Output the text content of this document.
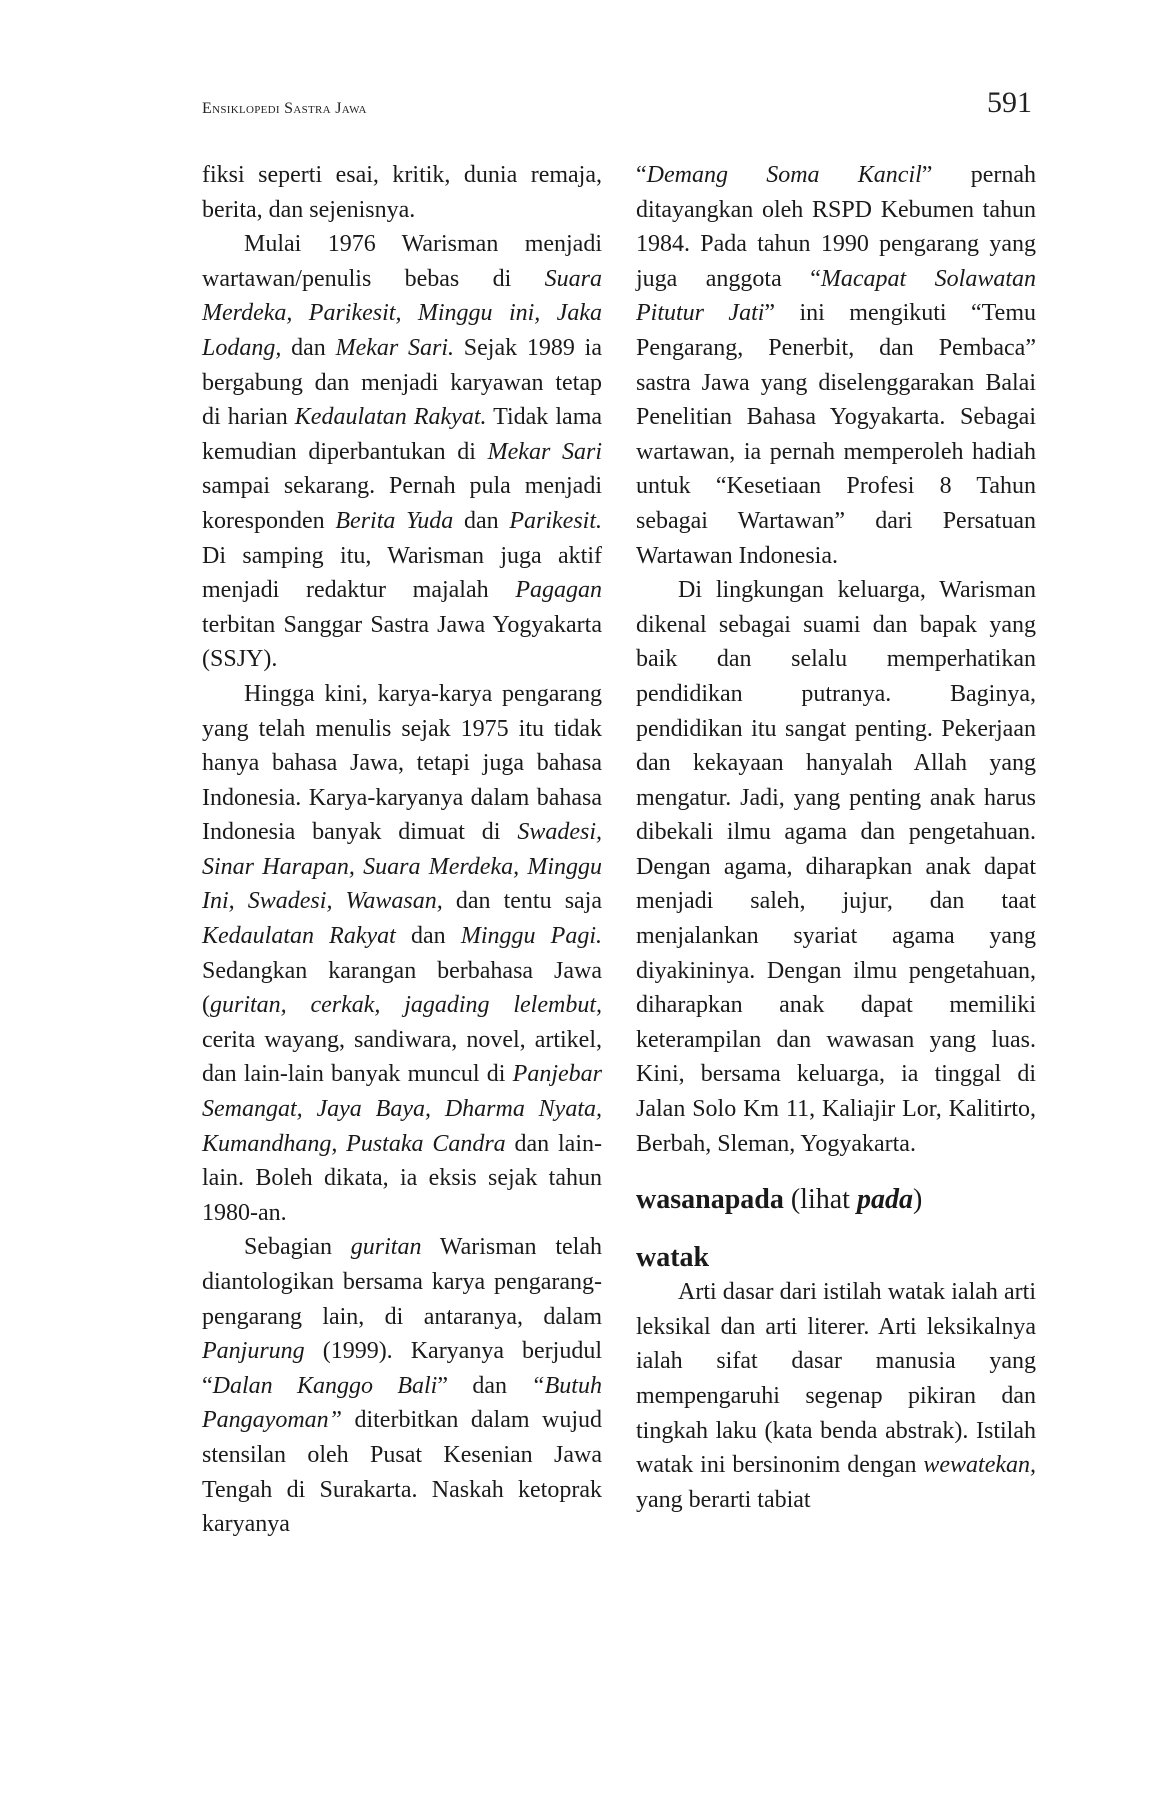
Ensiklopedi Sastra Jawa	591

fiksi seperti esai, kritik, dunia remaja, berita, dan sejenisnya.

Mulai 1976 Warisman menjadi wartawan/penulis bebas di Suara Merdeka, Parikesit, Minggu ini, Jaka Lodang, dan Mekar Sari. Sejak 1989 ia bergabung dan menjadi karyawan tetap di harian Kedaulatan Rakyat. Tidak lama kemudian diperbantukan di Mekar Sari sampai sekarang. Pernah pula menjadi koresponden Berita Yuda dan Parikesit. Di samping itu, Warisman juga aktif menjadi redaktur majalah Pagagan terbitan Sanggar Sastra Jawa Yogyakarta (SSJY).

Hingga kini, karya-karya pengarang yang telah menulis sejak 1975 itu tidak hanya bahasa Jawa, tetapi juga bahasa Indonesia. Karya-karyanya dalam bahasa Indonesia banyak dimuat di Swadesi, Sinar Harapan, Suara Merdeka, Minggu Ini, Swadesi, Wawasan, dan tentu saja Kedaulatan Rakyat dan Minggu Pagi. Sedangkan karangan berbahasa Jawa (guritan, cerkak, jagading lelembut, cerita wayang, sandiwara, novel, artikel, dan lain-lain banyak muncul di Panjebar Semangat, Jaya Baya, Dharma Nyata, Kumandhang, Pustaka Candra dan lain-lain. Boleh dikata, ia eksis sejak tahun 1980-an.

Sebagian guritan Warisman telah diantologikan bersama karya pengarang-pengarang lain, di antaranya, dalam Panjurung (1999). Karyanya berjudul “Dalan Kanggo Bali” dan “Butuh Pangayoman” diterbitkan dalam wujud stensilan oleh Pusat Kesenian Jawa Tengah di Surakarta. Naskah ketoprak karyanya

“Demang Soma Kancil” pernah ditayangkan oleh RSPD Kebumen tahun 1984. Pada tahun 1990 pengarang yang juga anggota “Macapat Solawatan Pitutur Jati” ini mengikuti “Temu Pengarang, Penerbit, dan Pembaca” sastra Jawa yang diselenggarakan Balai Penelitian Bahasa Yogyakarta. Sebagai wartawan, ia pernah memperoleh hadiah untuk “Kesetiaan Profesi 8 Tahun sebagai Wartawan” dari Persatuan Wartawan Indonesia.

Di lingkungan keluarga, Warisman dikenal sebagai suami dan bapak yang baik dan selalu memperhatikan pendidikan putranya. Baginya, pendidikan itu sangat penting. Pekerjaan dan kekayaan hanyalah Allah yang mengatur. Jadi, yang penting anak harus dibekali ilmu agama dan pengetahuan. Dengan agama, diharapkan anak dapat menjadi saleh, jujur, dan taat menjalankan syariat agama yang diyakininya. Dengan ilmu pengetahuan, diharapkan anak dapat memiliki keterampilan dan wawasan yang luas. Kini, bersama keluarga, ia tinggal di Jalan Solo Km 11, Kaliajir Lor, Kalitirto, Berbah, Sleman, Yogyakarta.

wasanapada (lihat pada)
watak

Arti dasar dari istilah watak ialah arti leksikal dan arti literer. Arti leksikalnya ialah sifat dasar manusia yang mempengaruhi segenap pikiran dan tingkah laku (kata benda abstrak). Istilah watak ini bersinonim dengan wewatekan, yang berarti tabiat
